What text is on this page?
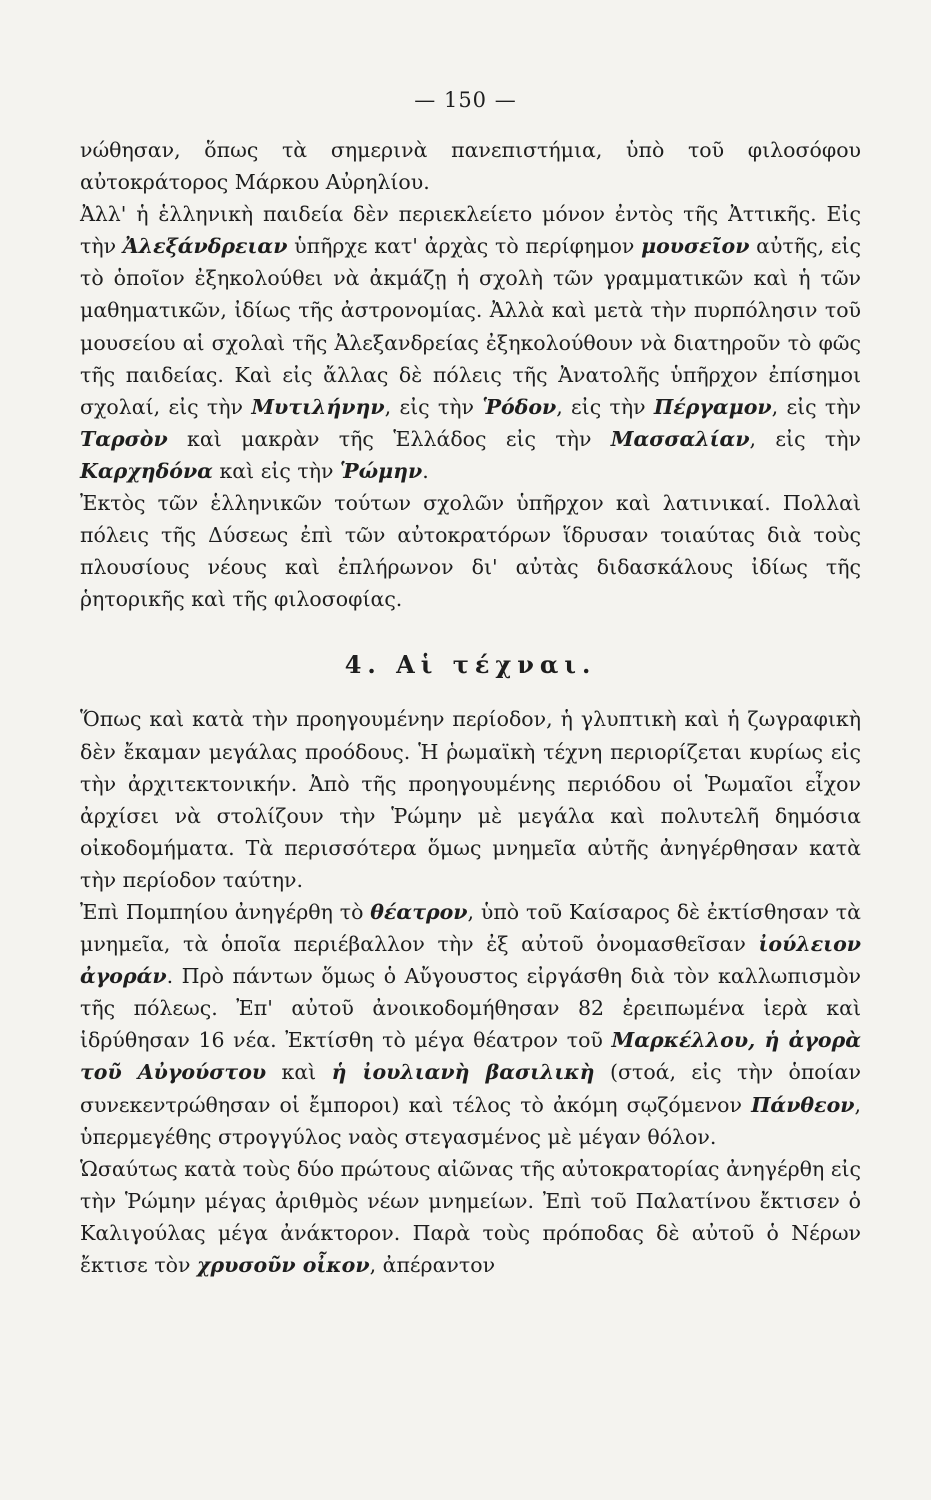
— 150 —

νώθησαν, ὅπως τὰ σημερινὰ πανεπιστήμια, ὑπὸ τοῦ φιλοσόφου αὐτοκράτορος Μάρκου Αὐρηλίου.

Ἀλλ' ἡ ἑλληνικὴ παιδεία δὲν περιεκλείετο μόνον ἐντὸς τῆς Ἀττικῆς. Εἰς τὴν Ἀλεξάνδρειαν ὑπῆρχε κατ' ἀρχὰς τὸ περίφημον μουσεῖον αὐτῆς, εἰς τὸ ὁποῖον ἐξηκολούθει νὰ ἀκμάζῃ ἡ σχολὴ τῶν γραμματικῶν καὶ ἡ τῶν μαθηματικῶν, ἰδίως τῆς ἀστρονομίας. Ἀλλὰ καὶ μετὰ τὴν πυρπόλησιν τοῦ μουσείου αἱ σχολαὶ τῆς Ἀλεξανδρείας ἐξηκολούθουν νὰ διατηροῦν τὸ φῶς τῆς παιδείας. Καὶ εἰς ἄλλας δὲ πόλεις τῆς Ἀνατολῆς ὑπῆρχον ἐπίσημοι σχολαί, εἰς τὴν Μυτιλήνην, εἰς τὴν Ῥόδον, εἰς τὴν Πέργαμον, εἰς τὴν Ταρσὸν καὶ μακρὰν τῆς Ἑλλάδος εἰς τὴν Μασσαλίαν, εἰς τὴν Καρχηδόνα καὶ εἰς τὴν Ῥώμην.

Ἐκτὸς τῶν ἑλληνικῶν τούτων σχολῶν ὑπῆρχον καὶ λατινικαί. Πολλαὶ πόλεις τῆς Δύσεως ἐπὶ τῶν αὐτοκρατόρων ἵδρυσαν τοιαύτας διὰ τοὺς πλουσίους νέους καὶ ἐπλήρωνον δι' αὐτὰς διδασκάλους ἰδίως τῆς ῥητορικῆς καὶ τῆς φιλοσοφίας.

4. Αἱ τέχναι.

Ὅπως καὶ κατὰ τὴν προηγουμένην περίοδον, ἡ γλυπτικὴ καὶ ἡ ζωγραφικὴ δὲν ἔκαμαν μεγάλας προόδους. Ἡ ῥωμαϊκὴ τέχνη περιορίζεται κυρίως εἰς τὴν ἀρχιτεκτονικήν. Ἀπὸ τῆς προηγουμένης περιόδου οἱ Ῥωμαῖοι εἶχον ἀρχίσει νὰ στολίζουν τὴν Ῥώμην μὲ μεγάλα καὶ πολυτελῆ δημόσια οἰκοδομήματα. Τὰ περισσότερα ὅμως μνημεῖα αὐτῆς ἀνηγέρθησαν κατὰ τὴν περίοδον ταύτην.

Ἐπὶ Πομπηίου ἀνηγέρθη τὸ θέατρον, ὑπὸ τοῦ Καίσαρος δὲ ἐκτίσθησαν τὰ μνημεῖα, τὰ ὁποῖα περιέβαλλον τὴν ἐξ αὐτοῦ ὀνομασθεῖσαν ἰούλειον ἀγοράν. Πρὸ πάντων ὅμως ὁ Αὔγουστος εἰργάσθη διὰ τὸν καλλωπισμὸν τῆς πόλεως. Ἐπ' αὐτοῦ ἀνοικοδομήθησαν 82 ἐρειπωμένα ἱερὰ καὶ ἱδρύθησαν 16 νέα. Ἐκτίσθη τὸ μέγα θέατρον τοῦ Μαρκέλλου, ἡ ἀγορὰ τοῦ Αὐγούστου καὶ ἡ ἰουλιανὴ βασιλικὴ (στοά, εἰς τὴν ὁποίαν συνεκεντρώθησαν οἱ ἔμποροι) καὶ τέλος τὸ ἀκόμη σῳζόμενον Πάνθεον, ὑπερμεγέθης στρογγύλος ναὸς στεγασμένος μὲ μέγαν θόλον.

Ὡσαύτως κατὰ τοὺς δύο πρώτους αἰῶνας τῆς αὐτοκρατορίας ἀνηγέρθη εἰς τὴν Ῥώμην μέγας ἀριθμὸς νέων μνημείων. Ἐπὶ τοῦ Παλατίνου ἔκτισεν ὁ Καλιγούλας μέγα ἀνάκτορον. Παρὰ τοὺς πρόποδας δὲ αὐτοῦ ὁ Νέρων ἔκτισε τὸν χρυσοῦν οἶκον, ἀπέραντον
